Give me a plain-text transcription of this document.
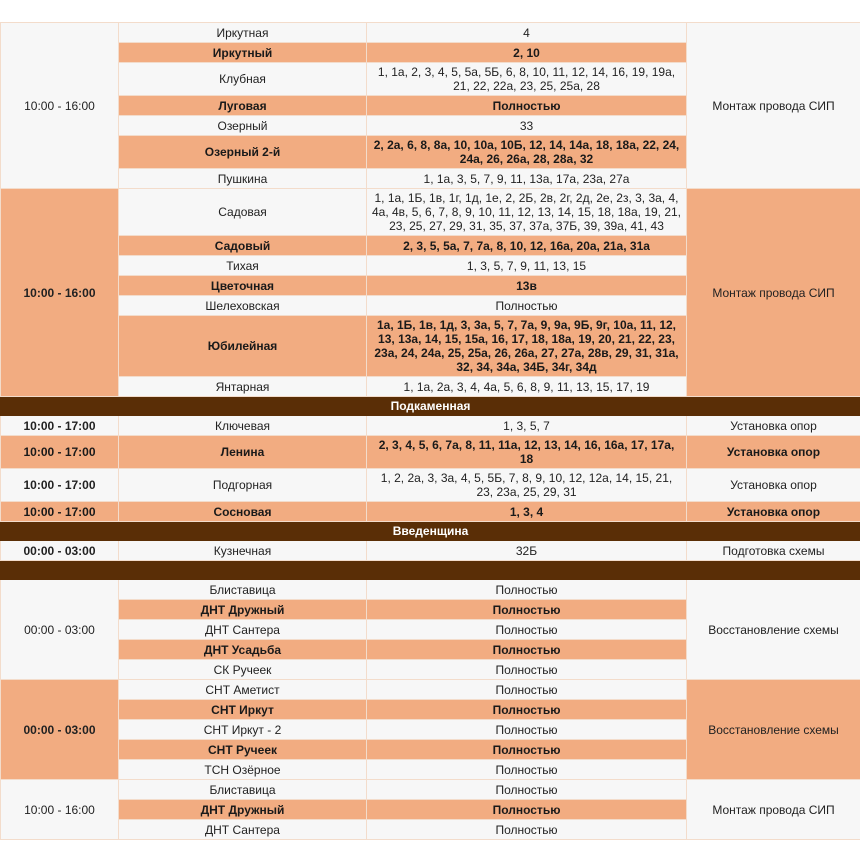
10:00 - 16:00	Иркутная	4	Монтаж провода СИП
	Иркутный	2, 10	
	Клубная	1, 1а, 2, 3, 4, 5, 5а, 5Б, 6, 8, 10, 11, 12, 14, 16, 19, 19а, 21, 22, 22а, 23, 25, 25а, 28	
	Луговая	Полностью	
	Озерный	33	
	Озерный 2-й	2, 2а, 6, 8, 8а, 10, 10а, 10Б, 12, 14, 14а, 18, 18а, 22, 24, 24а, 26, 26а, 28, 28а, 32	
	Пушкина	1, 1а, 3, 5, 7, 9, 11, 13а, 17а, 23а, 27а	
10:00 - 16:00	Садовая	1, 1а, 1Б, 1в, 1г, 1д, 1е, 2, 2Б, 2в, 2г, 2д, 2е, 2з, 3, 3а, 4, 4а, 4в, 5, 6, 7, 8, 9, 10, 11, 12, 13, 14, 15, 18, 18а, 19, 21, 23, 25, 27, 29, 31, 35, 37, 37а, 37Б, 39, 39а, 41, 43	Монтаж провода СИП
	Садовый	2, 3, 5, 5а, 7, 7а, 8, 10, 12, 16а, 20а, 21а, 31а	
	Тихая	1, 3, 5, 7, 9, 11, 13, 15	
	Цветочная	13в	
	Шелеховская	Полностью	
	Юбилейная	1а, 1Б, 1в, 1д, 3, 3а, 5, 7, 7а, 9, 9а, 9Б, 9г, 10а, 11, 12, 13, 13а, 14, 15, 15а, 16, 17, 18, 18а, 19, 20, 21, 22, 23, 23а, 24, 24а, 25, 25а, 26, 26а, 27, 27а, 28в, 29, 31, 31а, 32, 34, 34а, 34Б, 34г, 34д	
	Янтарная	1, 1а, 2а, 3, 4, 4а, 5, 6, 8, 9, 11, 13, 15, 17, 19	
Подкаменная			
10:00 - 17:00	Ключевая	1, 3, 5, 7	Установка опор
10:00 - 17:00	Ленина	2, 3, 4, 5, 6, 7а, 8, 11, 11а, 12, 13, 14, 16, 16а, 17, 17а, 18	Установка опор
10:00 - 17:00	Подгорная	1, 2, 2а, 3, 3а, 4, 5, 5Б, 7, 8, 9, 10, 12, 12а, 14, 15, 21, 23, 23а, 25, 29, 31	Установка опор
10:00 - 17:00	Сосновая	1, 3, 4	Установка опор
Введенщина			
00:00 - 03:00	Кузнечная	32Б	Подготовка схемы

00:00 - 03:00	Блиставица	Полностью	Восстановление схемы
	ДНТ Дружный	Полностью	
	ДНТ Сантера	Полностью	
	ДНТ Усадьба	Полностью	
	СК Ручеек	Полностью	
00:00 - 03:00	СНТ Аметист	Полностью	Восстановление схемы
	СНТ Иркут	Полностью	
	СНТ Иркут - 2	Полностью	
	СНТ Ручеек	Полностью	
	ТСН Озёрное	Полностью	
10:00 - 16:00	Блиставица	Полностью	Монтаж провода СИП
	ДНТ Дружный	Полностью	
	ДНТ Сантера	Полностью	
